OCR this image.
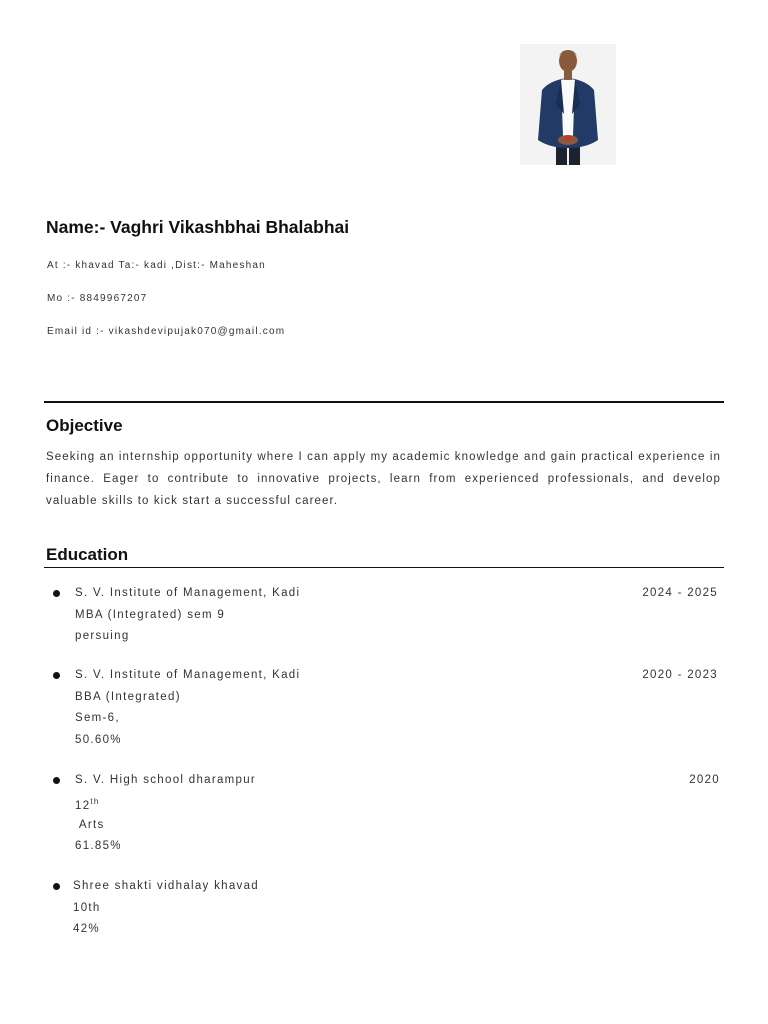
Name:- Vaghri Vikashbhai Bhalabhai
At :- khavad Ta:- kadi ,Dist:- Maheshan
Mo :- 8849967207
Email id :- vikashdevipujak070@gmail.com
Objective

Seeking an internship opportunity where I can apply my academic knowledge and gain practical experience in finance. Eager to contribute to innovative projects, learn from experienced professionals, and develop valuable skills to kick start a successful career.

Education
S. V. Institute of Management, Kadi
MBA (Integrated) sem 9
persuing
2024 - 2025
S. V. Institute of Management, Kadi
BBA (Integrated)
Sem-6,
50.60%
2020 - 2023
S. V. High school dharampur
12th
Arts
61.85%
2020
Shree shakti vidhalay khavad
10th
42%
